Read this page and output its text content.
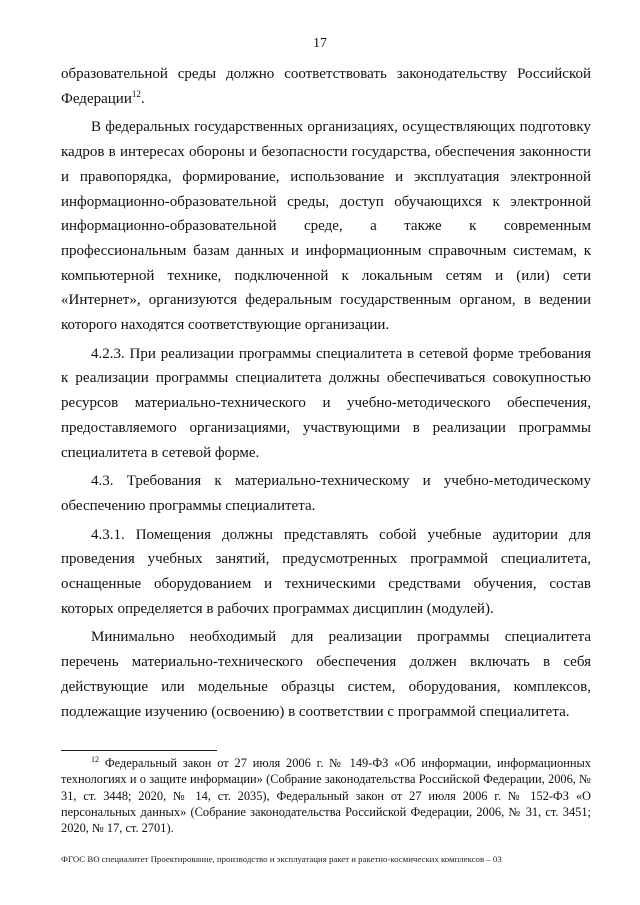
17

образовательной среды должно соответствовать законодательству Российской Федерации$^{12}$.

В федеральных государственных организациях, осуществляющих подготовку кадров в интересах обороны и безопасности государства, обеспечения законности и правопорядка, формирование, использование и эксплуатация электронной информационно-образовательной среды, доступ обучающихся к электронной информационно-образовательной среде, а также к современным профессиональным базам данных и информационным справочным системам, к компьютерной технике, подключенной к локальным сетям и (или) сети «Интернет», организуются федеральным государственным органом, в ведении которого находятся соответствующие организации.

4.2.3. При реализации программы специалитета в сетевой форме требования к реализации программы специалитета должны обеспечиваться совокупностью ресурсов материально-технического и учебно-методического обеспечения, предоставляемого организациями, участвующими в реализации программы специалитета в сетевой форме.

4.3. Требования к материально-техническому и учебно-методическому обеспечению программы специалитета.

4.3.1. Помещения должны представлять собой учебные аудитории для проведения учебных занятий, предусмотренных программой специалитета, оснащенные оборудованием и техническими средствами обучения, состав которых определяется в рабочих программах дисциплин (модулей).

Минимально необходимый для реализации программы специалитета перечень материально-технического обеспечения должен включать в себя действующие или модельные образцы систем, оборудования, комплексов, подлежащие изучению (освоению) в соответствии с программой специалитета.

$^{12}$ Федеральный закон от 27 июля 2006 г. № 149-ФЗ «Об информации, информационных технологиях и о защите информации» (Собрание законодательства Российской Федерации, 2006, № 31, ст. 3448; 2020, № 14, ст. 2035), Федеральный закон от 27 июля 2006 г. № 152-ФЗ «О персональных данных» (Собрание законодательства Российской Федерации, 2006, № 31, ст. 3451; 2020, № 17, ст. 2701).
ФГОС ВО специалитет Проектирование, производство и эксплуатация ракет и ракетно-космических комплексов – 03
